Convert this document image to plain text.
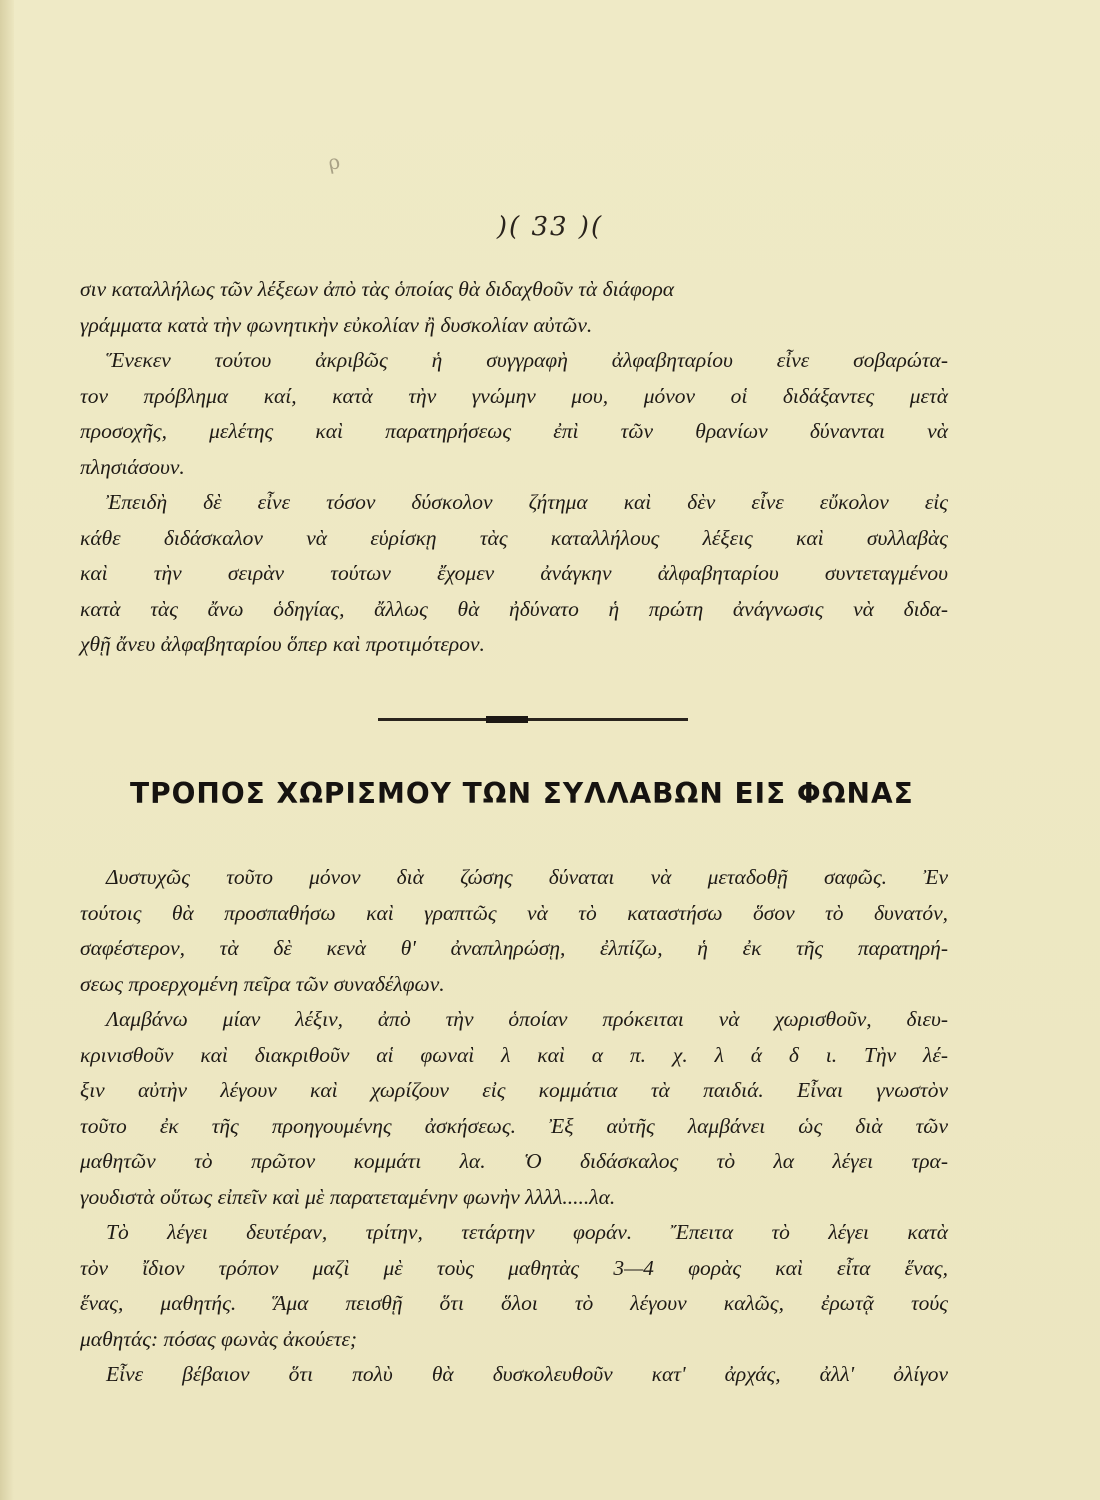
ρ
)( 33 )(
σιν καταλλήλως τῶν λέξεων ἀπὸ τὰς ὁποίας θὰ διδαχθοῦν τὰ διάφορα
γράμματα κατὰ τὴν φωνητικὴν εὐκολίαν ἢ δυσκολίαν αὐτῶν.
Ἕνεκεν τούτου ἀκριβῶς ἡ συγγραφὴ ἀλφαβηταρίου εἶνε σοβαρώτα-
τον πρόβλημα καί, κατὰ τὴν γνώμην μου, μόνον οἱ διδάξαντες μετὰ
προσοχῆς, μελέτης καὶ παρατηρήσεως ἐπὶ τῶν θρανίων δύνανται νὰ
πλησιάσουν.
Ἐπειδὴ δὲ εἶνε τόσον δύσκολον ζήτημα καὶ δὲν εἶνε εὔκολον εἰς
κάθε διδάσκαλον νὰ εὑρίσκῃ τὰς καταλλήλους λέξεις καὶ συλλαβὰς
καὶ τὴν σειρὰν τούτων ἔχομεν ἀνάγκην ἀλφαβηταρίου συντεταγμένου
κατὰ τὰς ἄνω ὁδηγίας, ἄλλως θὰ ἠδύνατο ἡ πρώτη ἀνάγνωσις νὰ διδα-
χθῇ ἄνευ ἀλφαβηταρίου ὅπερ καὶ προτιμότερον.
ΤΡΟΠΟΣ ΧΩΡΙΣΜΟΥ ΤΩΝ ΣΥΛΛΑΒΩΝ ΕΙΣ ΦΩΝΑΣ
Δυστυχῶς τοῦτο μόνον διὰ ζώσης δύναται νὰ μεταδοθῇ σαφῶς. Ἐν
τούτοις θὰ προσπαθήσω καὶ γραπτῶς νὰ τὸ καταστήσω ὅσον τὸ δυνατόν,
σαφέστερον, τὰ δὲ κενὰ θ' ἀναπληρώσῃ, ἐλπίζω, ἡ ἐκ τῆς παρατηρή-
σεως προερχομένη πεῖρα τῶν συναδέλφων.
Λαμβάνω μίαν λέξιν, ἀπὸ τὴν ὁποίαν πρόκειται νὰ χωρισθοῦν, διευ-
κρινισθοῦν καὶ διακριθοῦν αἱ φωναὶ λ καὶ α π. χ. λ ά δ ι. Τὴν λέ-
ξιν αὐτὴν λέγουν καὶ χωρίζουν εἰς κομμάτια τὰ παιδιά. Εἶναι γνωστὸν
τοῦτο ἐκ τῆς προηγουμένης ἀσκήσεως. Ἐξ αὐτῆς λαμβάνει ὡς διὰ τῶν
μαθητῶν τὸ πρῶτον κομμάτι λα. Ὁ διδάσκαλος τὸ λα λέγει τρα-
γουδιστὰ οὕτως εἰπεῖν καὶ μὲ παρατεταμένην φωνὴν λλλλ.....λα.
Τὸ λέγει δευτέραν, τρίτην, τετάρτην φοράν. Ἔπειτα τὸ λέγει κατὰ
τὸν ἴδιον τρόπον μαζὶ μὲ τοὺς μαθητὰς 3—4 φορὰς καὶ εἶτα ἕνας,
ἕνας, μαθητής. Ἅμα πεισθῇ ὅτι ὅλοι τὸ λέγουν καλῶς, ἐρωτᾷ τούς
μαθητάς: πόσας φωνὰς ἀκούετε;
Εἶνε βέβαιον ὅτι πολὺ θὰ δυσκολευθοῦν κατ' ἀρχάς, ἀλλ' ὀλίγον
